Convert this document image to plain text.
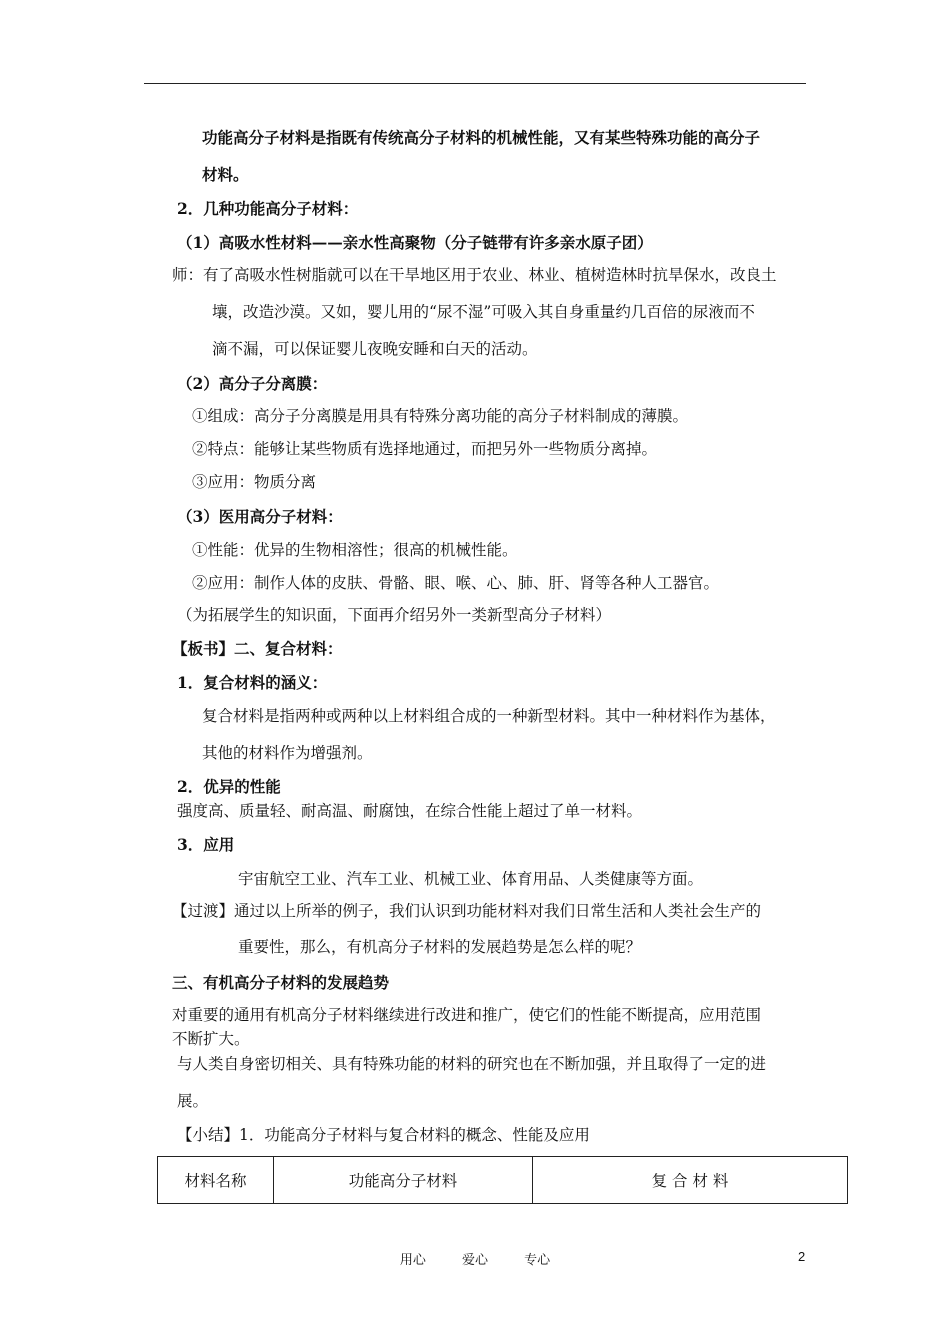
功能高分子材料是指既有传统高分子材料的机械性能，又有某些特殊功能的高分子
材料。
2．几种功能高分子材料：
（1）高吸水性材料——亲水性高聚物（分子链带有许多亲水原子团）
师：有了高吸水性树脂就可以在干旱地区用于农业、林业、植树造林时抗旱保水，改良土
壤，改造沙漠。又如，婴儿用的“尿不湿”可吸入其自身重量约几百倍的尿液而不
滴不漏，可以保证婴儿夜晚安睡和白天的活动。
（2）高分子分离膜：
①组成：高分子分离膜是用具有特殊分离功能的高分子材料制成的薄膜。
②特点：能够让某些物质有选择地通过，而把另外一些物质分离掉。
③应用：物质分离
（3）医用高分子材料：
①性能：优异的生物相溶性；很高的机械性能。
②应用：制作人体的皮肤、骨骼、眼、喉、心、肺、肝、肾等各种人工器官。
（为拓展学生的知识面，下面再介绍另外一类新型高分子材料）
【板书】二、复合材料：
1．复合材料的涵义：
复合材料是指两种或两种以上材料组合成的一种新型材料。其中一种材料作为基体，
其他的材料作为增强剂。
2．优异的性能
强度高、质量轻、耐高温、耐腐蚀，在综合性能上超过了单一材料。
3．应用
宇宙航空工业、汽车工业、机械工业、体育用品、人类健康等方面。
【过渡】通过以上所举的例子，我们认识到功能材料对我们日常生活和人类社会生产的
重要性，那么，有机高分子材料的发展趋势是怎么样的呢？
三、有机高分子材料的发展趋势
对重要的通用有机高分子材料继续进行改进和推广，使它们的性能不断提高，应用范围
不断扩大。
与人类自身密切相关、具有特殊功能的材料的研究也在不断加强，并且取得了一定的进
展。
【小结】1．功能高分子材料与复合材料的概念、性能及应用
材料名称	功能高分子材料	复 合 材 料
用心	爱心	专心	2
